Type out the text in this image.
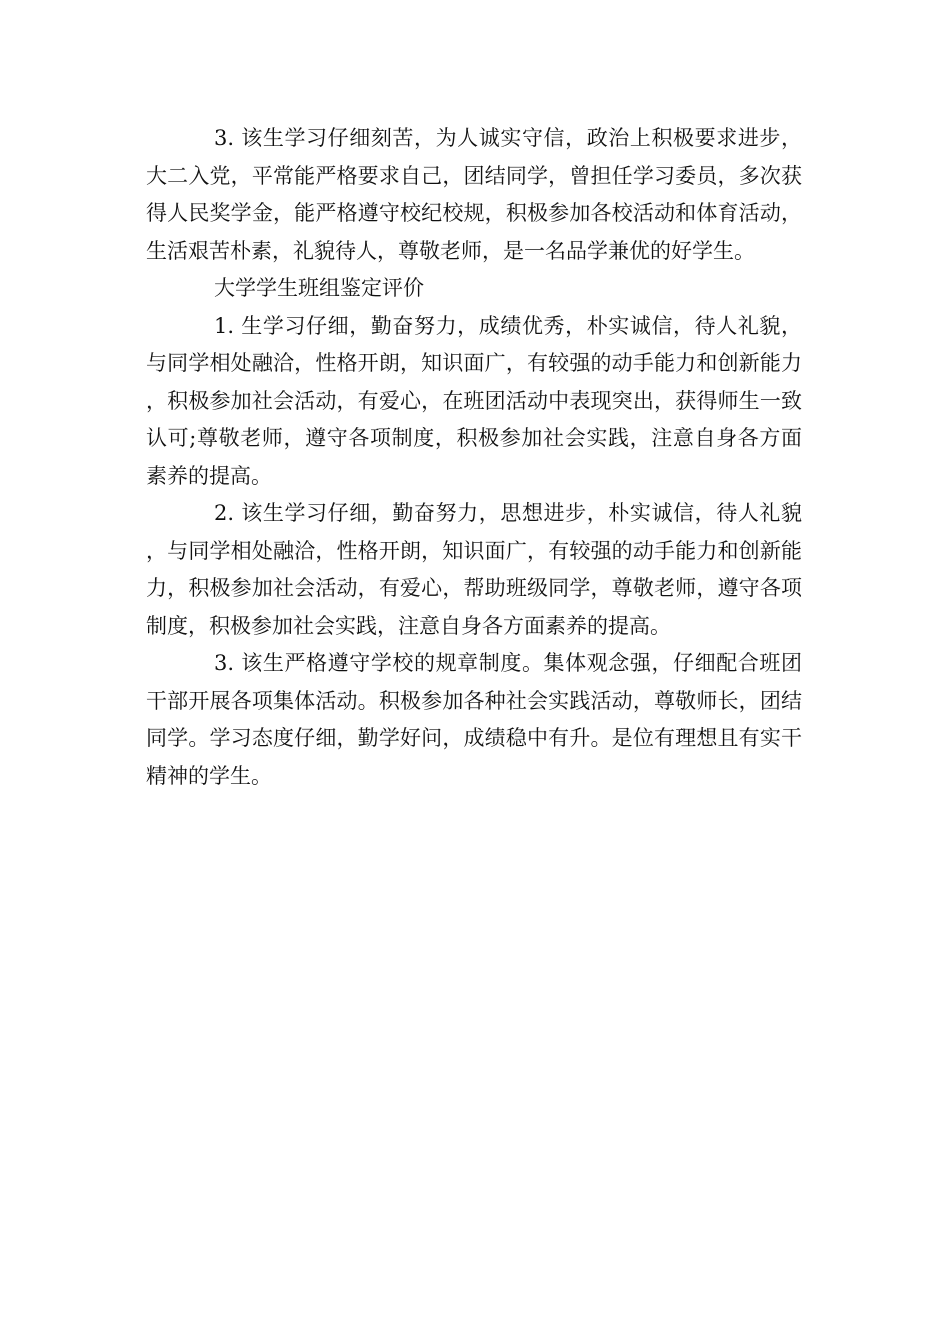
3. 该生学习仔细刻苦，为人诚实守信，政治上积极要求进步，大二入党，平常能严格要求自己，团结同学，曾担任学习委员，多次获得人民奖学金，能严格遵守校纪校规，积极参加各校活动和体育活动，生活艰苦朴素，礼貌待人，尊敬老师，是一名品学兼优的好学生。

大学学生班组鉴定评价

1. 生学习仔细，勤奋努力，成绩优秀，朴实诚信，待人礼貌，与同学相处融洽，性格开朗，知识面广，有较强的动手能力和创新能力，积极参加社会活动，有爱心，在班团活动中表现突出，获得师生一致认可;尊敬老师，遵守各项制度，积极参加社会实践，注意自身各方面素养的提高。

2. 该生学习仔细，勤奋努力，思想进步，朴实诚信，待人礼貌，与同学相处融洽，性格开朗，知识面广，有较强的动手能力和创新能力，积极参加社会活动，有爱心，帮助班级同学，尊敬老师，遵守各项制度，积极参加社会实践，注意自身各方面素养的提高。

3. 该生严格遵守学校的规章制度。集体观念强，仔细配合班团干部开展各项集体活动。积极参加各种社会实践活动，尊敬师长，团结同学。学习态度仔细，勤学好问，成绩稳中有升。是位有理想且有实干精神的学生。
